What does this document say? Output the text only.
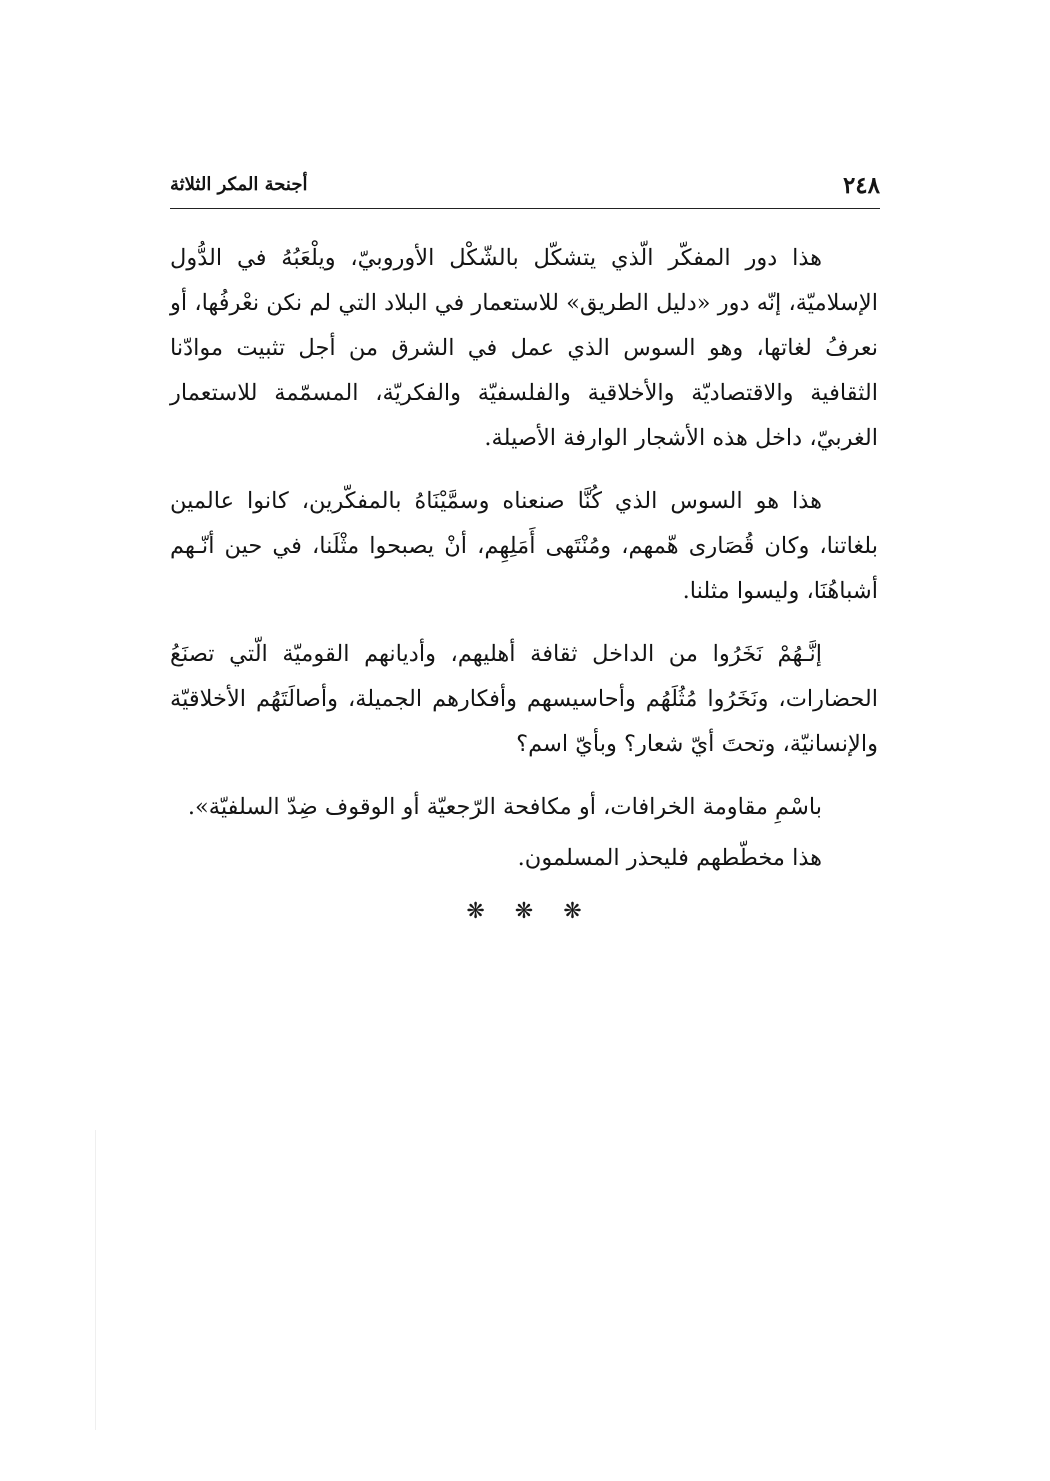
٢٤٨
أجنحة المكر الثلاثة

هذا دور المفكّر الّذي يتشكّل بالشّكْل الأوروبيّ، ويلْعَبُهُ في الدُّول الإسلاميّة، إنّه دور «دليل الطريق» للاستعمار في البلاد التي لم نكن نعْرفُها، أو نعرفُ لغاتها، وهو السوس الذي عمل في الشرق من أجل تثبيت موادّنا الثقافية والاقتصاديّة والأخلاقية والفلسفيّة والفكريّة، المسمّمة للاستعمار الغربيّ، داخل هذه الأشجار الوارفة الأصيلة.

هذا هو السوس الذي كُنَّا صنعناه وسمَّيْنَاهُ بالمفكّرين، كانوا عالمين بلغاتنا، وكان قُصَارى هّمهم، ومُنْتَهى أَمَلِهِم، أنْ يصبحوا مثْلَنا، في حين أنّـهم أشباهُنَا، وليسوا مثلنا.

إنَّـهُمْ نَخَرُوا من الداخل ثقافة أهليهم، وأديانهم القوميّة الّتي تصنَعُ الحضارات، ونَخَرُوا مُثُلَهُم وأحاسيسهم وأفكارهم الجميلة، وأصالَتَهُم الأخلاقيّة والإنسانيّة، وتحتَ أيّ شعار؟ وبأيّ اسم؟

باسْمِ مقاومة الخرافات، أو مكافحة الرّجعيّة أو الوقوف ضِدّ السلفيّة».

هذا مخطّطهم فليحذر المسلمون.

❋ ❋ ❋
